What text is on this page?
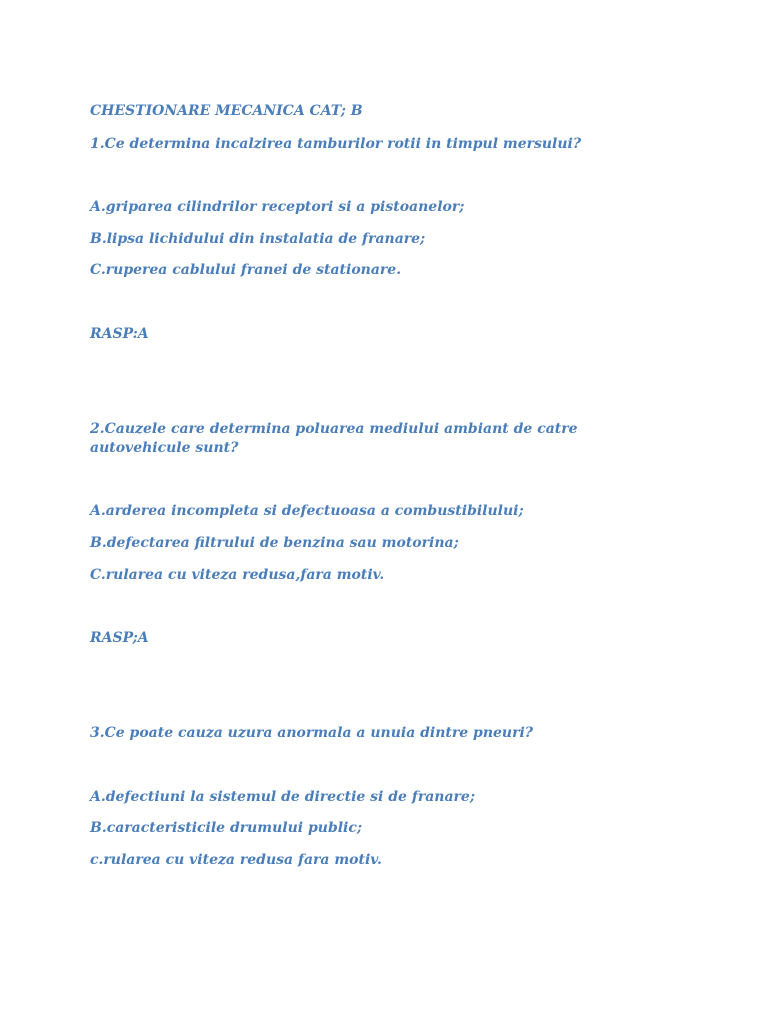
CHESTIONARE MECANICA CAT; B
1.Ce determina incalzirea tamburilor rotii in timpul mersului?
A.griparea cilindrilor receptori si a pistoanelor;
B.lipsa lichidului din instalatia de franare;
C.ruperea cablului franei de stationare.
RASP:A
2.Cauzele care determina poluarea mediului ambiant de catre autovehicule sunt?
A.arderea incompleta si defectuoasa a combustibilului;
B.defectarea filtrului de benzina sau motorina;
C.rularea cu viteza redusa,fara motiv.
RASP;A
3.Ce poate cauza uzura anormala a unuia dintre pneuri?
A.defectiuni la sistemul de directie si de franare;
B.caracteristicile drumului public;
c.rularea cu viteza redusa fara motiv.
